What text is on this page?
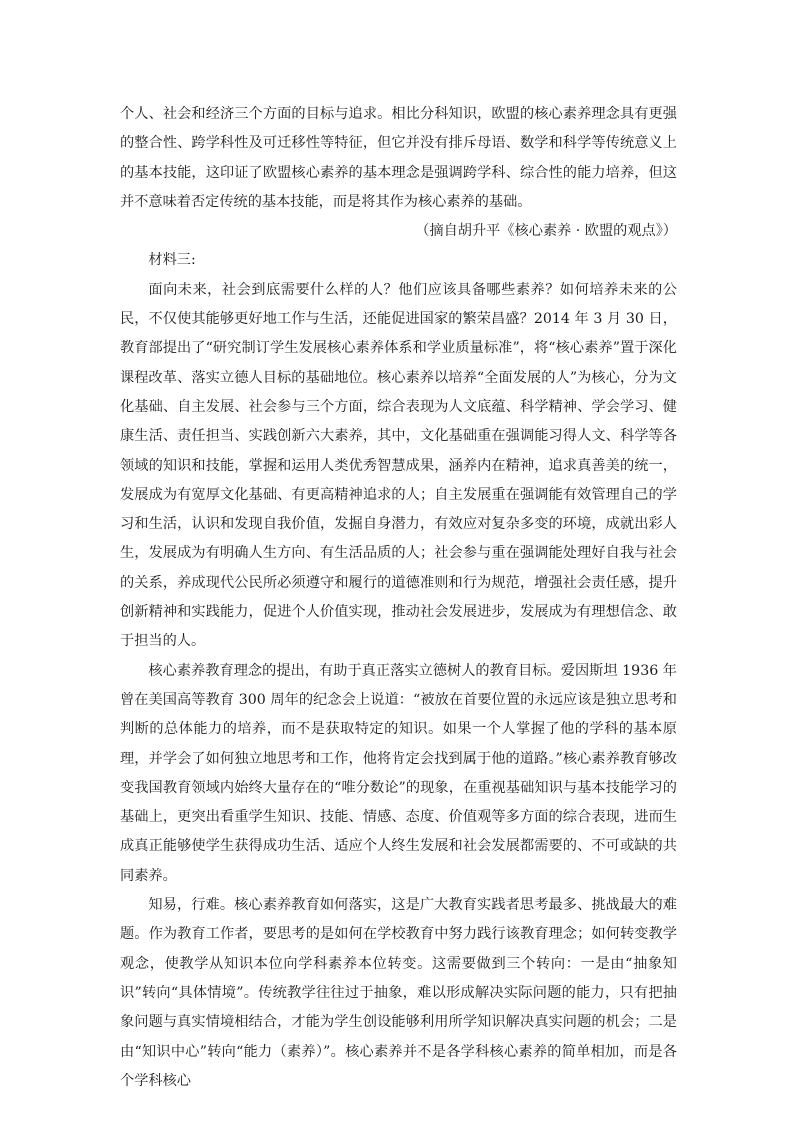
个人、社会和经济三个方面的目标与追求。相比分科知识，欧盟的核心素养理念具有更强的整合性、跨学科性及可迁移性等特征，但它并没有排斥母语、数学和科学等传统意义上的基本技能，这印证了欧盟核心素养的基本理念是强调跨学科、综合性的能力培养，但这并不意味着否定传统的基本技能，而是将其作为核心素养的基础。

（摘自胡升平《核心素养 · 欧盟的观点》）

材料三:

面向未来，社会到底需要什么样的人？他们应该具备哪些素养？如何培养未来的公民，不仅使其能够更好地工作与生活，还能促进国家的繁荣昌盛？2014 年 3 月 30 日，教育部提出了“研究制订学生发展核心素养体系和学业质量标准”，将“核心素养”置于深化课程改革、落实立德人目标的基础地位。核心素养以培养“全面发展的人”为核心，分为文化基础、自主发展、社会参与三个方面，综合表现为人文底蕴、科学精神、学会学习、健康生活、责任担当、实践创新六大素养，其中，文化基础重在强调能习得人文、科学等各领域的知识和技能，掌握和运用人类优秀智慧成果，涵养内在精神，追求真善美的统一，发展成为有宽厚文化基础、有更高精神追求的人；自主发展重在强调能有效管理自己的学习和生活，认识和发现自我价值，发掘自身潜力，有效应对复杂多变的环境，成就出彩人生，发展成为有明确人生方向、有生活品质的人；社会参与重在强调能处理好自我与社会的关系，养成现代公民所必须遵守和履行的道德准则和行为规范，增强社会责任感，提升创新精神和实践能力，促进个人价值实现，推动社会发展进步，发展成为有理想信念、敢于担当的人。

核心素养教育理念的提出，有助于真正落实立德树人的教育目标。爱因斯坦 1936 年曾在美国高等教育 300 周年的纪念会上说道：“被放在首要位置的永远应该是独立思考和判断的总体能力的培养，而不是获取特定的知识。如果一个人掌握了他的学科的基本原理，并学会了如何独立地思考和工作，他将肯定会找到属于他的道路。”核心素养教育够改变我国教育领域内始终大量存在的“唯分数论”的现象，在重视基础知识与基本技能学习的基础上，更突出看重学生知识、技能、情感、态度、价值观等多方面的综合表现，进而生成真正能够使学生获得成功生活、适应个人终生发展和社会发展都需要的、不可或缺的共同素养。

知易，行难。核心素养教育如何落实，这是广大教育实践者思考最多、挑战最大的难题。作为教育工作者，要思考的是如何在学校教育中努力践行该教育理念；如何转变教学观念，使教学从知识本位向学科素养本位转变。这需要做到三个转向：一是由“抽象知识”转向“具体情境”。传统教学往往过于抽象，难以形成解决实际问题的能力，只有把抽象问题与真实情境相结合，才能为学生创设能够利用所学知识解决真实问题的机会；二是由“知识中心”转向“能力（素养）”。核心素养并不是各学科核心素养的简单相加，而是各个学科核心
